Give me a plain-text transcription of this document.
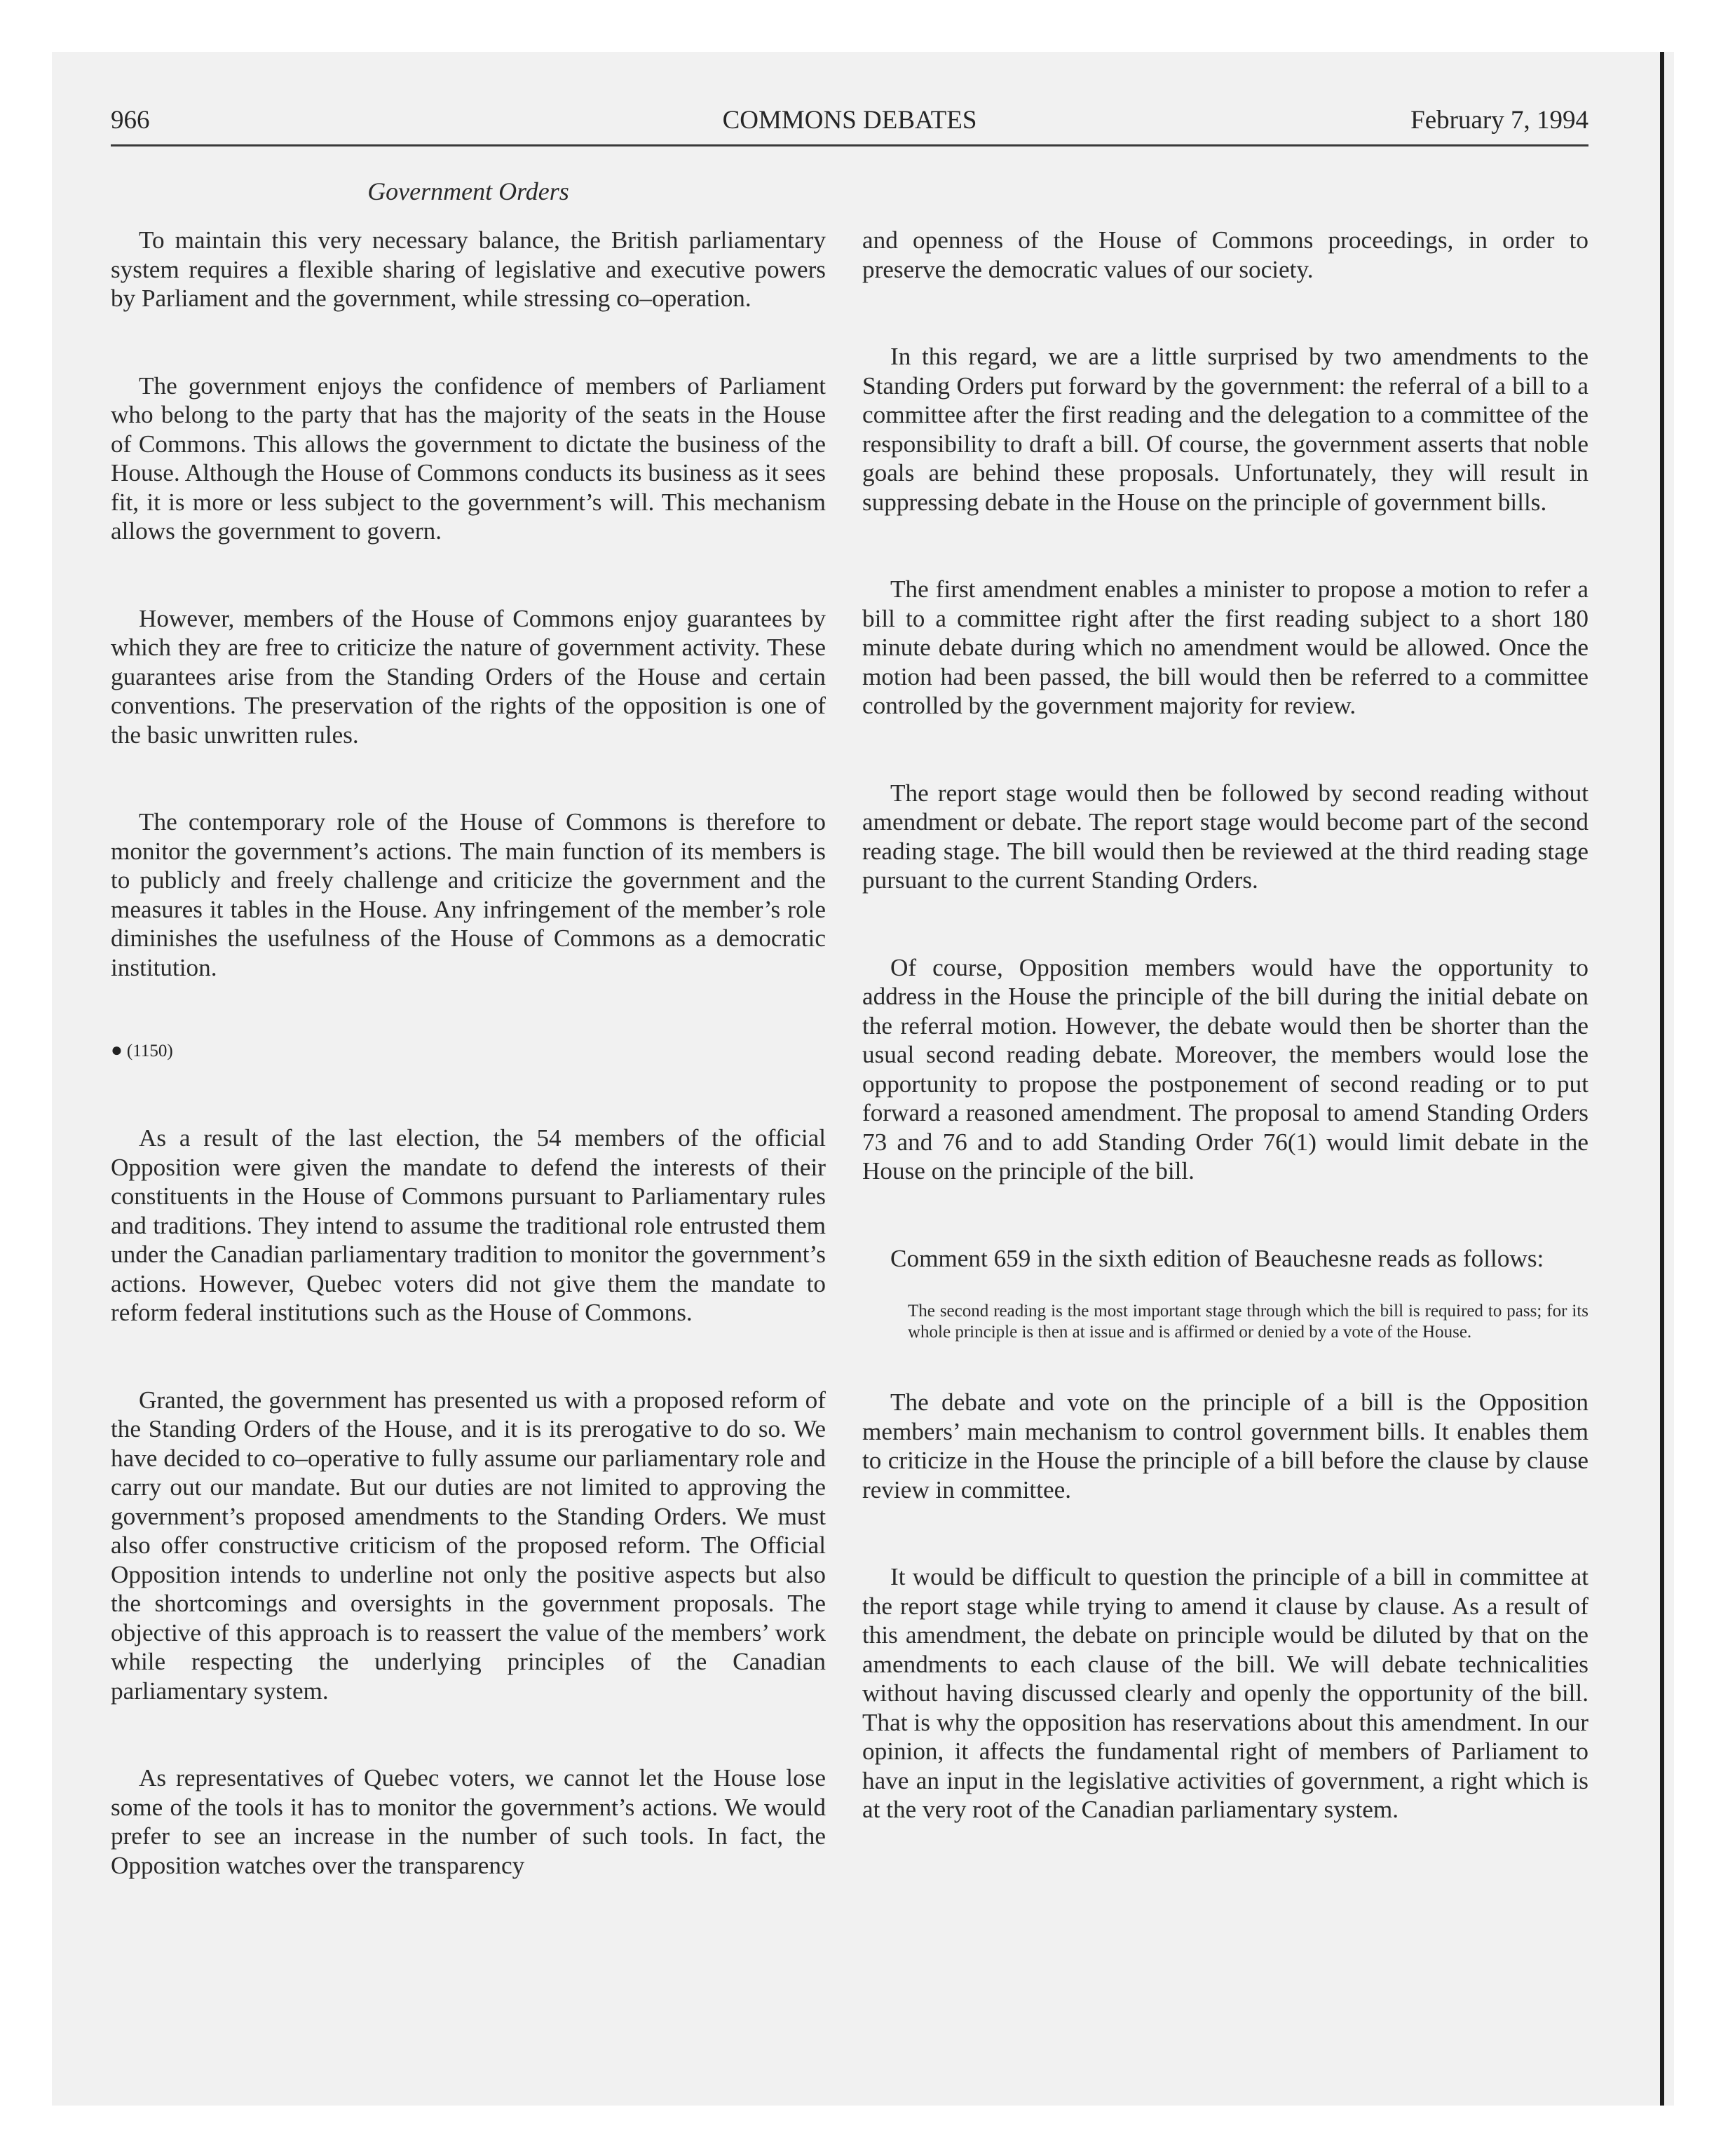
966	COMMONS DEBATES	February 7, 1994
Government Orders

To maintain this very necessary balance, the British parliamentary system requires a flexible sharing of legislative and executive powers by Parliament and the government, while stressing co–operation.

The government enjoys the confidence of members of Parliament who belong to the party that has the majority of the seats in the House of Commons. This allows the government to dictate the business of the House. Although the House of Commons conducts its business as it sees fit, it is more or less subject to the government’s will. This mechanism allows the government to govern.

However, members of the House of Commons enjoy guarantees by which they are free to criticize the nature of government activity. These guarantees arise from the Standing Orders of the House and certain conventions. The preservation of the rights of the opposition is one of the basic unwritten rules.

The contemporary role of the House of Commons is therefore to monitor the government’s actions. The main function of its members is to publicly and freely challenge and criticize the government and the measures it tables in the House. Any infringement of the member’s role diminishes the usefulness of the House of Commons as a democratic institution.

● (1150)

As a result of the last election, the 54 members of the official Opposition were given the mandate to defend the interests of their constituents in the House of Commons pursuant to Parliamentary rules and traditions. They intend to assume the traditional role entrusted them under the Canadian parliamentary tradition to monitor the government’s actions. However, Quebec voters did not give them the mandate to reform federal institutions such as the House of Commons.

Granted, the government has presented us with a proposed reform of the Standing Orders of the House, and it is its prerogative to do so. We have decided to co–operative to fully assume our parliamentary role and carry out our mandate. But our duties are not limited to approving the government’s proposed amendments to the Standing Orders. We must also offer constructive criticism of the proposed reform. The Official Opposition intends to underline not only the positive aspects but also the shortcomings and oversights in the government proposals. The objective of this approach is to reassert the value of the members’ work while respecting the underlying principles of the Canadian parliamentary system.

As representatives of Quebec voters, we cannot let the House lose some of the tools it has to monitor the government’s actions. We would prefer to see an increase in the number of such tools. In fact, the Opposition watches over the transparency

and openness of the House of Commons proceedings, in order to preserve the democratic values of our society.

In this regard, we are a little surprised by two amendments to the Standing Orders put forward by the government: the referral of a bill to a committee after the first reading and the delegation to a committee of the responsibility to draft a bill. Of course, the government asserts that noble goals are behind these proposals. Unfortunately, they will result in suppressing debate in the House on the principle of government bills.

The first amendment enables a minister to propose a motion to refer a bill to a committee right after the first reading subject to a short 180 minute debate during which no amendment would be allowed. Once the motion had been passed, the bill would then be referred to a committee controlled by the government majority for review.

The report stage would then be followed by second reading without amendment or debate. The report stage would become part of the second reading stage. The bill would then be reviewed at the third reading stage pursuant to the current Standing Orders.

Of course, Opposition members would have the opportunity to address in the House the principle of the bill during the initial debate on the referral motion. However, the debate would then be shorter than the usual second reading debate. Moreover, the members would lose the opportunity to propose the postponement of second reading or to put forward a reasoned amendment. The proposal to amend Standing Orders 73 and 76 and to add Standing Order 76(1) would limit debate in the House on the principle of the bill.

Comment 659 in the sixth edition of Beauchesne reads as follows:

The second reading is the most important stage through which the bill is required to pass; for its whole principle is then at issue and is affirmed or denied by a vote of the House.

The debate and vote on the principle of a bill is the Opposition members’ main mechanism to control government bills. It enables them to criticize in the House the principle of a bill before the clause by clause review in committee.

It would be difficult to question the principle of a bill in committee at the report stage while trying to amend it clause by clause. As a result of this amendment, the debate on principle would be diluted by that on the amendments to each clause of the bill. We will debate technicalities without having discussed clearly and openly the opportunity of the bill. That is why the opposition has reservations about this amendment. In our opinion, it affects the fundamental right of members of Parliament to have an input in the legislative activities of government, a right which is at the very root of the Canadian parliamentary system.
